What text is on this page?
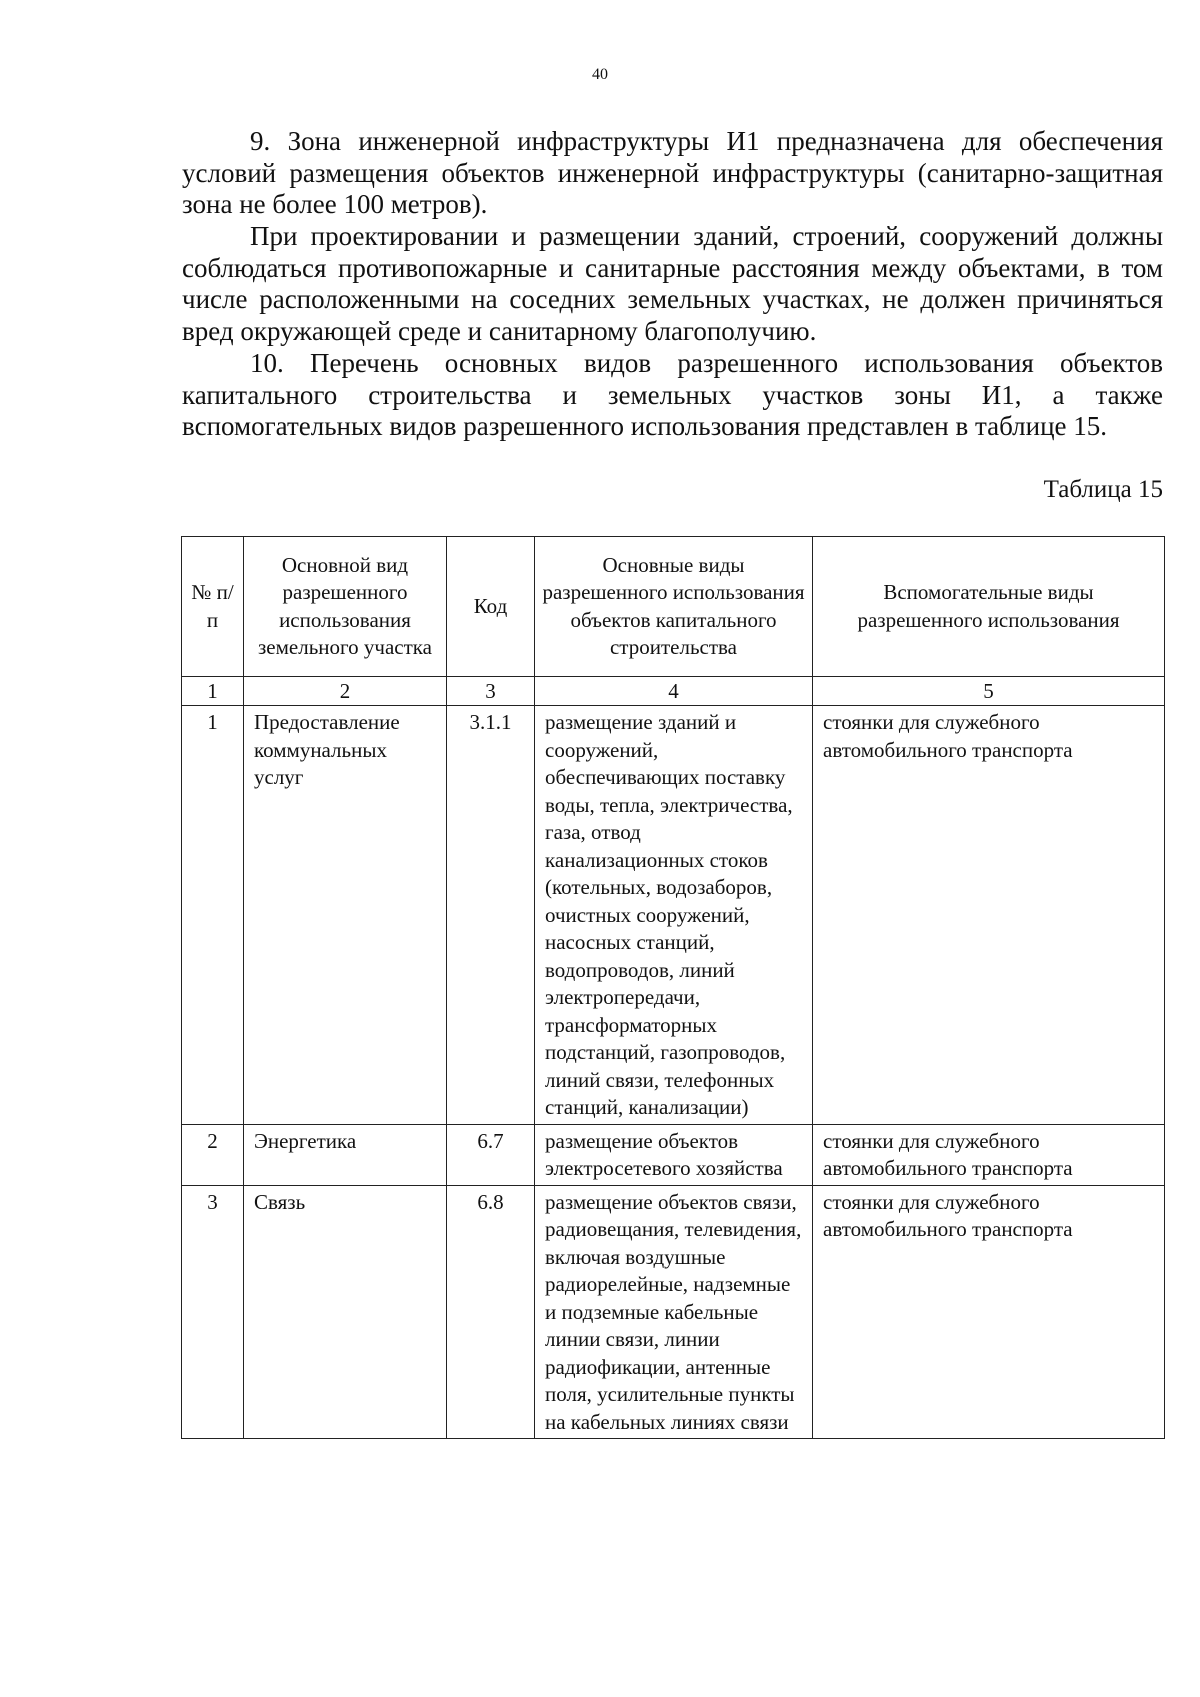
40

9. Зона инженерной инфраструктуры И1 предназначена для обеспечения условий размещения объектов инженерной инфраструктуры (санитарно-защитная зона не более 100 метров).

При проектировании и размещении зданий, строений, сооружений должны соблюдаться противопожарные и санитарные расстояния между объектами, в том числе расположенными на соседних земельных участках, не должен причиняться вред окружающей среде и санитарному благополучию.

10. Перечень основных видов разрешенного использования объектов капитального строительства и земельных участков зоны И1, а также вспомогательных видов разрешенного использования представлен в таблице 15.

Таблица 15
№ п/п	Основной вид разрешенного использования земельного участка	Код	Основные виды разрешенного использования объектов капитального строительства	Вспомогательные виды разрешенного использования
1	2	3	4	5
1	Предоставление коммунальных услуг	3.1.1	размещение зданий и сооружений, обеспечивающих поставку воды, тепла, электричества, газа, отвод канализационных стоков (котельных, водозаборов, очистных сооружений, насосных станций, водопроводов, линий электропередачи, трансформаторных подстанций, газопроводов, линий связи, телефонных станций, канализации)	стоянки для служебного автомобильного транспорта
2	Энергетика	6.7	размещение объектов электросетевого хозяйства	стоянки для служебного автомобильного транспорта
3	Связь	6.8	размещение объектов связи, радиовещания, телевидения, включая воздушные радиорелейные, надземные и подземные кабельные линии связи, линии радиофикации, антенные поля, усилительные пункты на кабельных линиях связи	стоянки для служебного автомобильного транспорта
